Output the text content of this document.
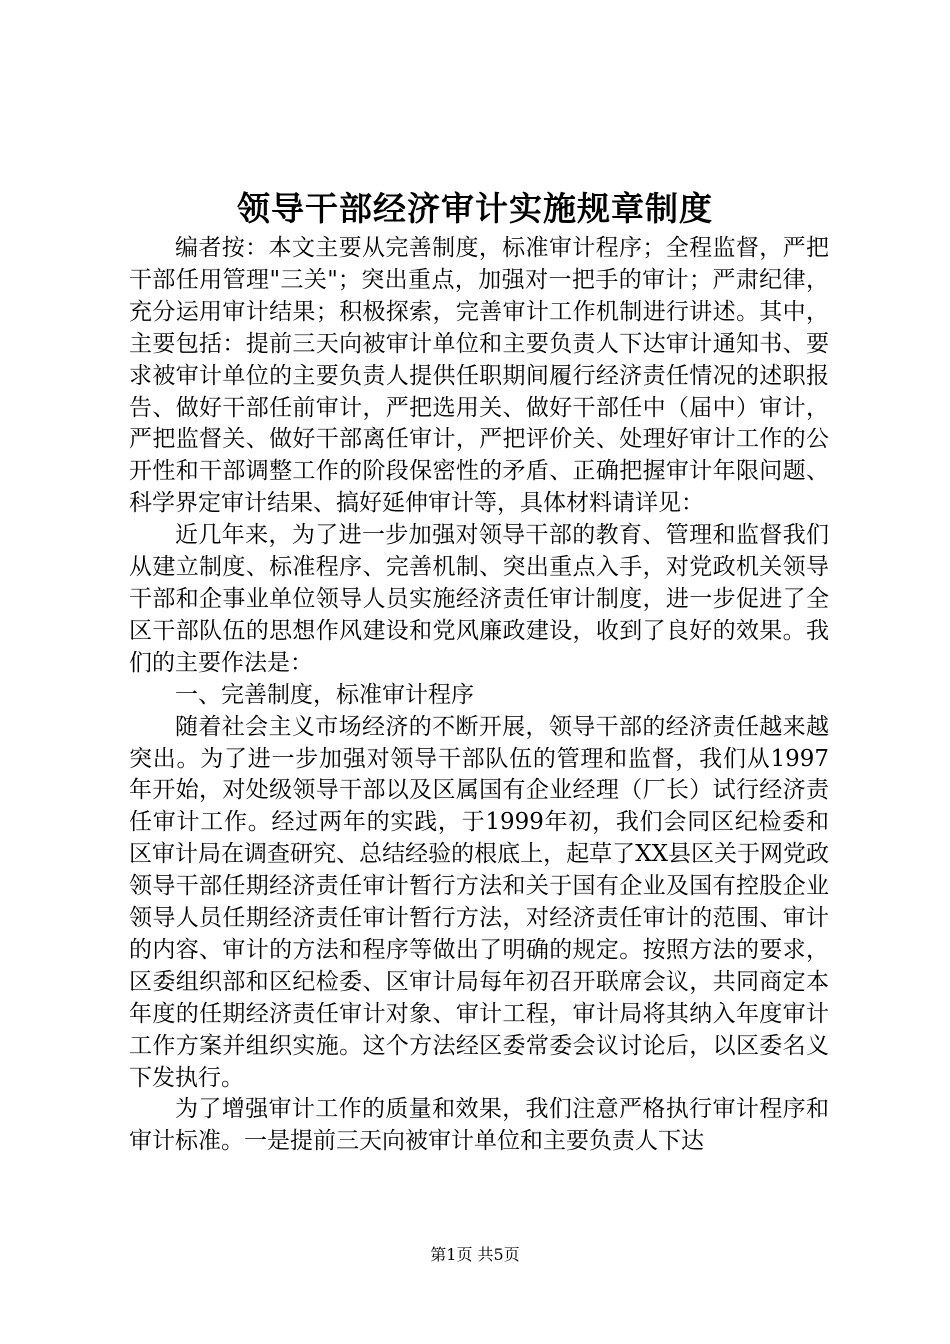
领导干部经济审计实施规章制度

编者按：本文主要从完善制度，标准审计程序；全程监督，严把干部任用管理"三关"；突出重点，加强对一把手的审计；严肃纪律，充分运用审计结果；积极探索，完善审计工作机制进行讲述。其中，主要包括：提前三天向被审计单位和主要负责人下达审计通知书、要求被审计单位的主要负责人提供任职期间履行经济责任情况的述职报告、做好干部任前审计，严把选用关、做好干部任中（届中）审计，严把监督关、做好干部离任审计，严把评价关、处理好审计工作的公开性和干部调整工作的阶段保密性的矛盾、正确把握审计年限问题、科学界定审计结果、搞好延伸审计等，具体材料请详见：

近几年来，为了进一步加强对领导干部的教育、管理和监督我们从建立制度、标准程序、完善机制、突出重点入手，对党政机关领导干部和企事业单位领导人员实施经济责任审计制度，进一步促进了全区干部队伍的思想作风建设和党风廉政建设，收到了良好的效果。我们的主要作法是：

一、完善制度，标准审计程序

随着社会主义市场经济的不断开展，领导干部的经济责任越来越突出。为了进一步加强对领导干部队伍的管理和监督，我们从1997年开始，对处级领导干部以及区属国有企业经理（厂长）试行经济责任审计工作。经过两年的实践，于1999年初，我们会同区纪检委和区审计局在调查研究、总结经验的根底上，起草了XX县区关于网党政领导干部任期经济责任审计暂行方法和关于国有企业及国有控股企业领导人员任期经济责任审计暂行方法，对经济责任审计的范围、审计的内容、审计的方法和程序等做出了明确的规定。按照方法的要求，区委组织部和区纪检委、区审计局每年初召开联席会议，共同商定本年度的任期经济责任审计对象、审计工程，审计局将其纳入年度审计工作方案并组织实施。这个方法经区委常委会议讨论后，以区委名义下发执行。

为了增强审计工作的质量和效果，我们注意严格执行审计程序和审计标准。一是提前三天向被审计单位和主要负责人下达

第1页 共5页
